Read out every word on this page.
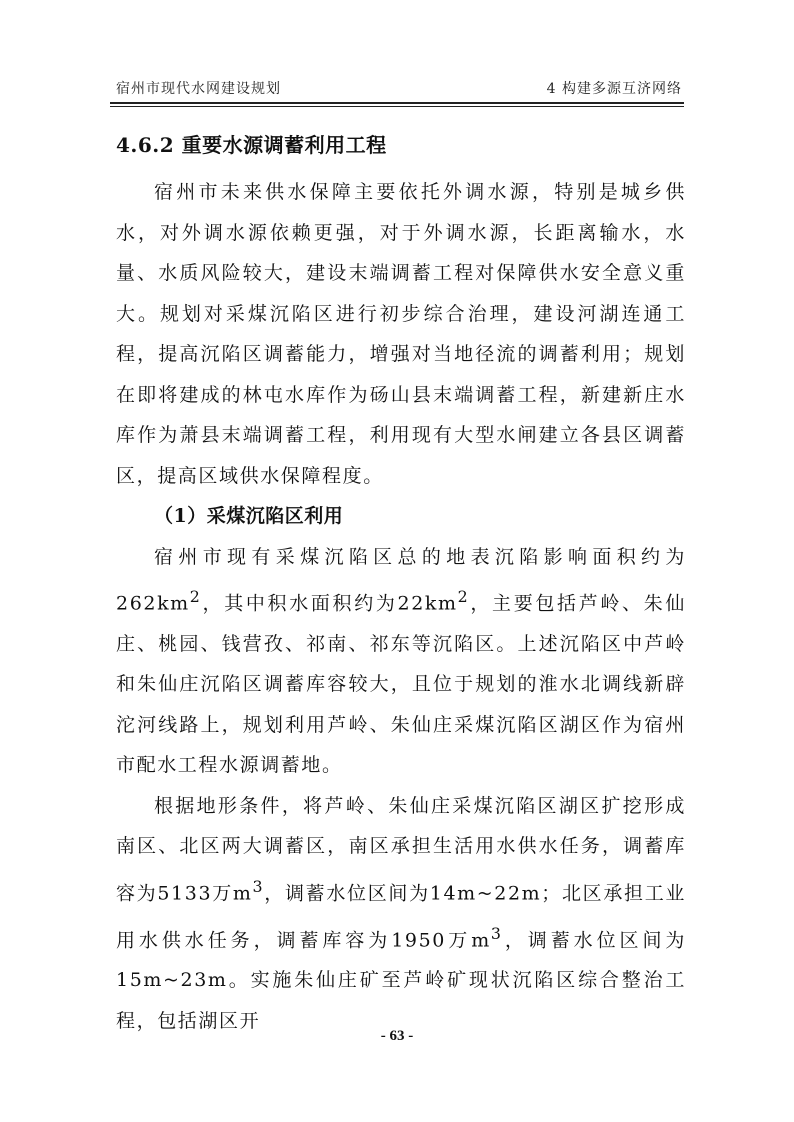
宿州市现代水网建设规划	4 构建多源互济网络
4.6.2 重要水源调蓄利用工程

宿州市未来供水保障主要依托外调水源，特别是城乡供水，对外调水源依赖更强，对于外调水源，长距离输水，水量、水质风险较大，建设末端调蓄工程对保障供水安全意义重大。规划对采煤沉陷区进行初步综合治理，建设河湖连通工程，提高沉陷区调蓄能力，增强对当地径流的调蓄利用；规划在即将建成的林屯水库作为砀山县末端调蓄工程，新建新庄水库作为萧县末端调蓄工程，利用现有大型水闸建立各县区调蓄区，提高区域供水保障程度。

（1）采煤沉陷区利用

宿州市现有采煤沉陷区总的地表沉陷影响面积约为$262km^2$，其中积水面积约为$22km^2$，主要包括芦岭、朱仙庄、桃园、钱营孜、祁南、祁东等沉陷区。上述沉陷区中芦岭和朱仙庄沉陷区调蓄库容较大，且位于规划的淮水北调线新辟沱河线路上，规划利用芦岭、朱仙庄采煤沉陷区湖区作为宿州市配水工程水源调蓄地。

根据地形条件，将芦岭、朱仙庄采煤沉陷区湖区扩挖形成南区、北区两大调蓄区，南区承担生活用水供水任务，调蓄库容为5133万$m^3$，调蓄水位区间为14m~22m；北区承担工业用水供水任务，调蓄库容为1950万$m^3$，调蓄水位区间为15m~23m。实施朱仙庄矿至芦岭矿现状沉陷区综合整治工程，包括湖区开

- 63 -
